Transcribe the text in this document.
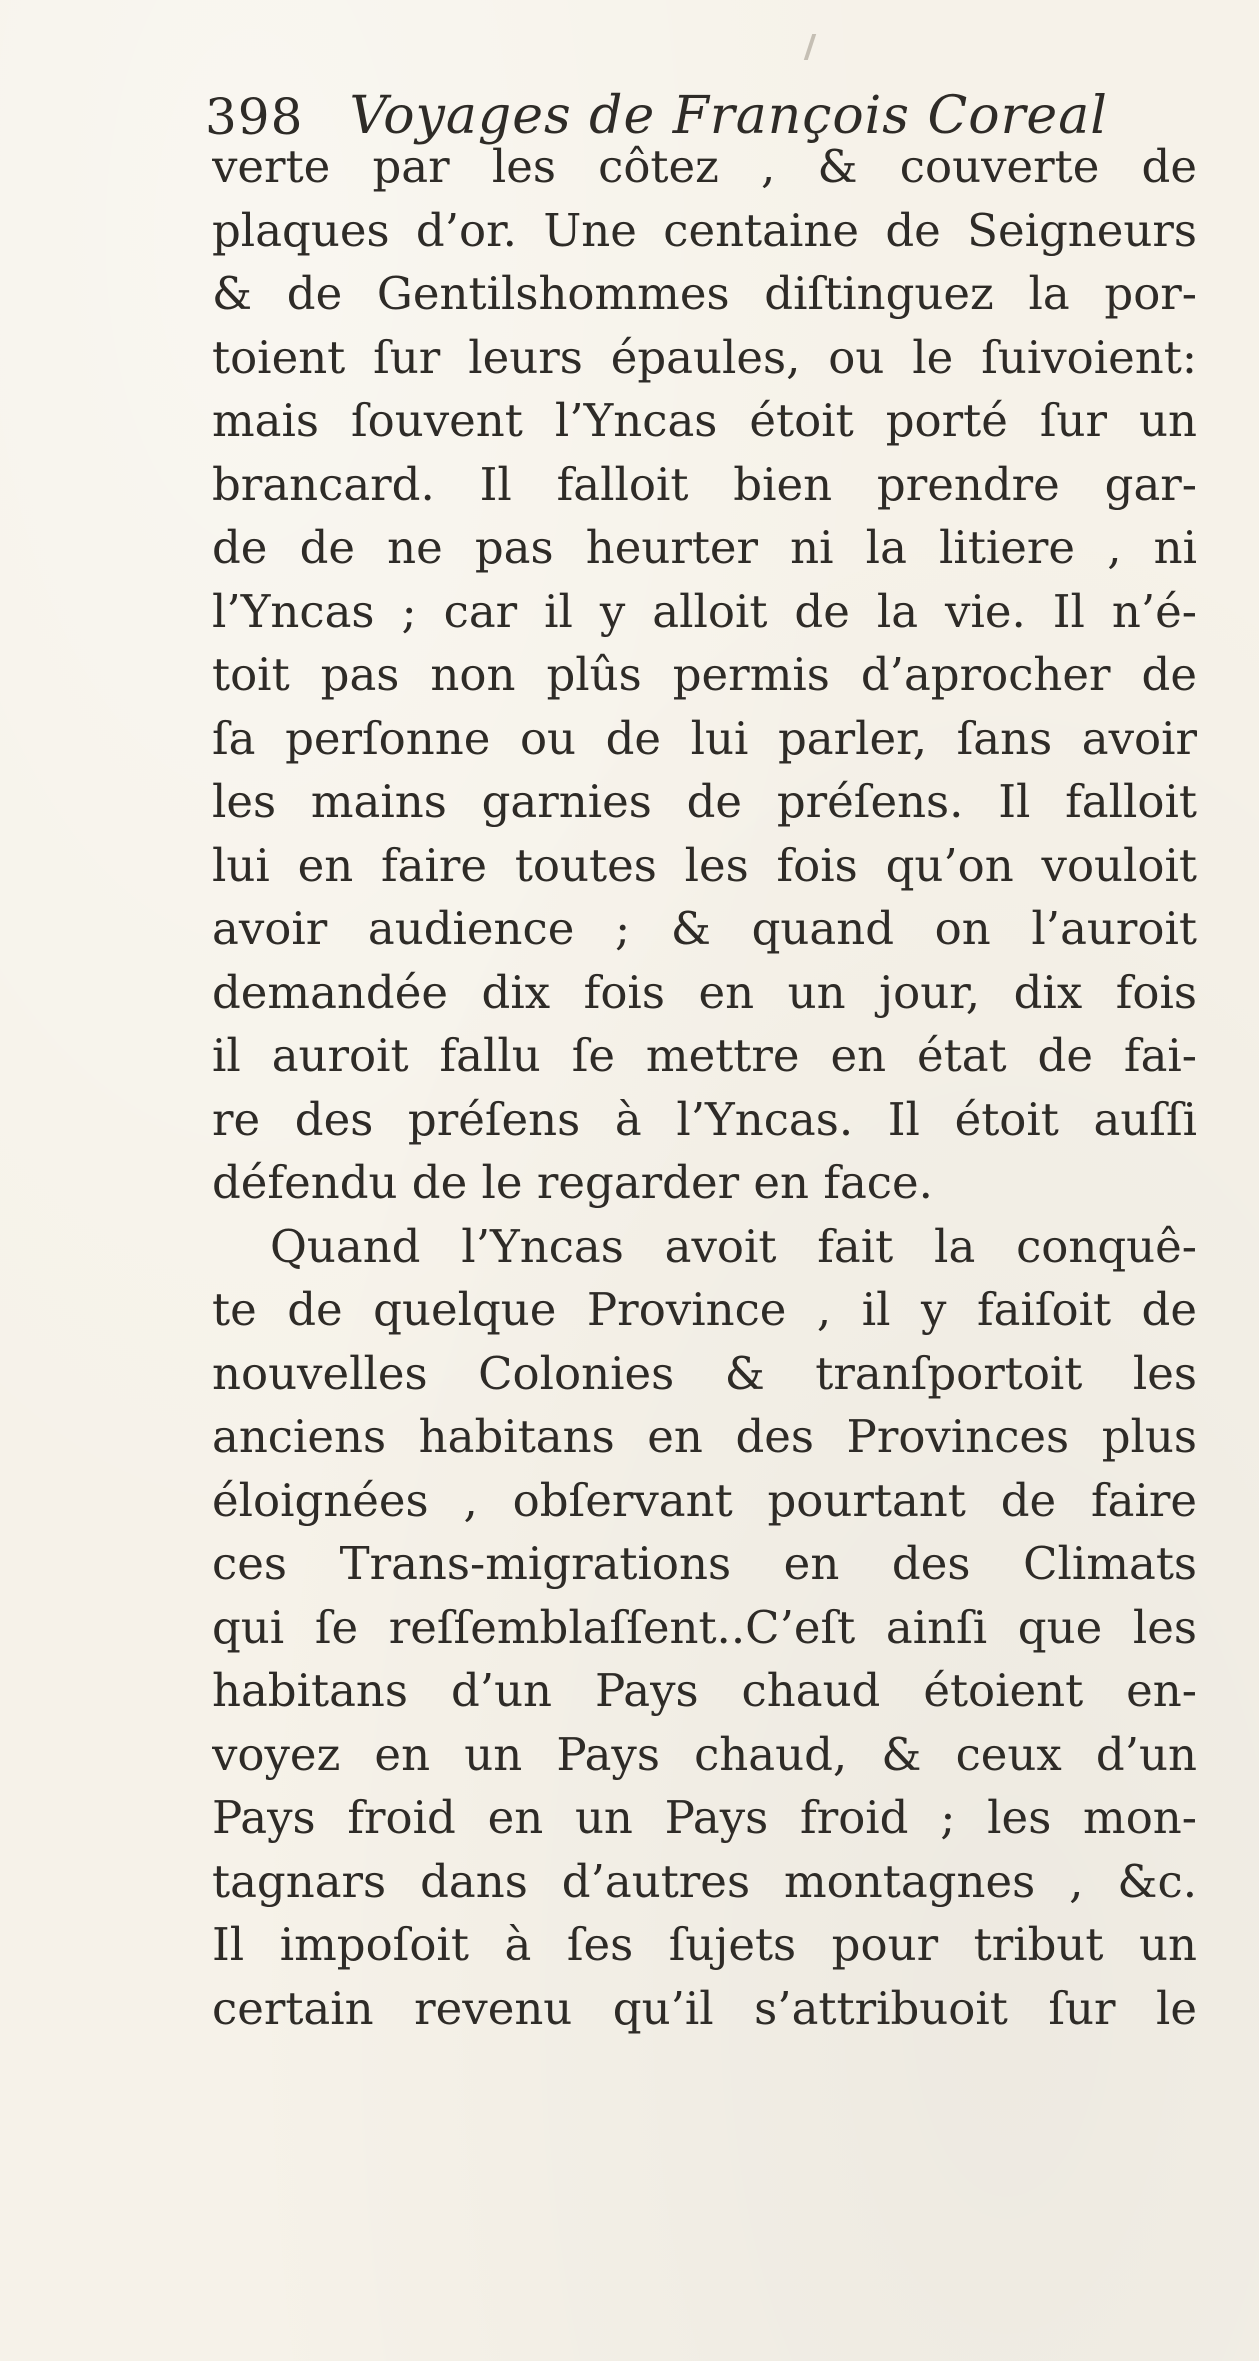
398 Voyages de François Coreal
verte par les côtez , & couverte de
plaques d’or. Une centaine de Seigneurs
& de Gentilshommes diſtinguez la por-
toient ſur leurs épaules, ou le ſuivoient:
mais ſouvent l’Yncas étoit porté ſur un
brancard. Il falloit bien prendre gar-
de de ne pas heurter ni la litiere , ni
l’Yncas ; car il y alloit de la vie. Il n’é-
toit pas non plûs permis d’aprocher de
ſa perſonne ou de lui parler, ſans avoir
les mains garnies de préſens. Il falloit
lui en faire toutes les fois qu’on vouloit
avoir audience ; & quand on l’auroit
demandée dix fois en un jour, dix fois
il auroit fallu ſe mettre en état de fai-
re des préſens à l’Yncas. Il étoit auſſi
défendu de le regarder en face.
Quand l’Yncas avoit fait la conquê-
te de quelque Province , il y faiſoit de
nouvelles Colonies & tranſportoit les
anciens habitans en des Provinces plus
éloignées , obſervant pourtant de faire
ces Trans-migrations en des Climats
qui ſe reſſemblaſſent..C’eſt ainſi que les
habitans d’un Pays chaud étoient en-
voyez en un Pays chaud, & ceux d’un
Pays froid en un Pays froid ; les mon-
tagnars dans d’autres montagnes , &c.
Il impoſoit à ſes ſujets pour tribut un
certain revenu qu’il s’attribuoit ſur le
